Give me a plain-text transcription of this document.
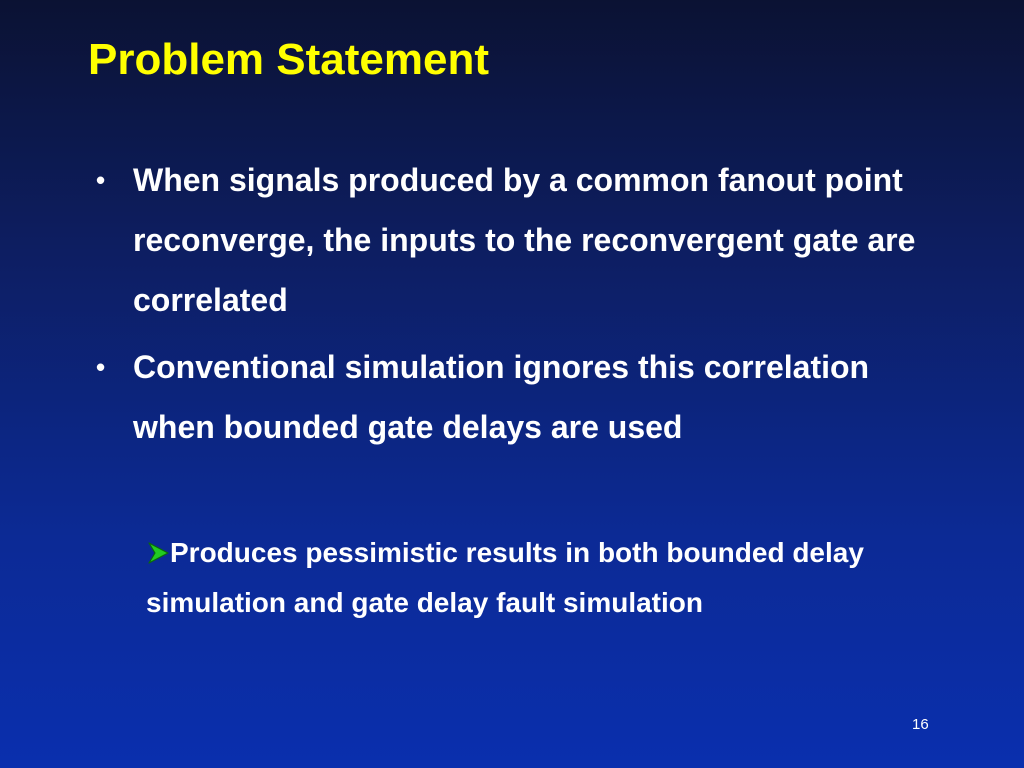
Problem Statement
• When signals produced by a common fanout point reconverge, the inputs to the reconvergent gate are correlated
• Conventional simulation ignores this correlation when bounded gate delays are used
Produces pessimistic results in both bounded delay simulation and gate delay fault simulation
16
